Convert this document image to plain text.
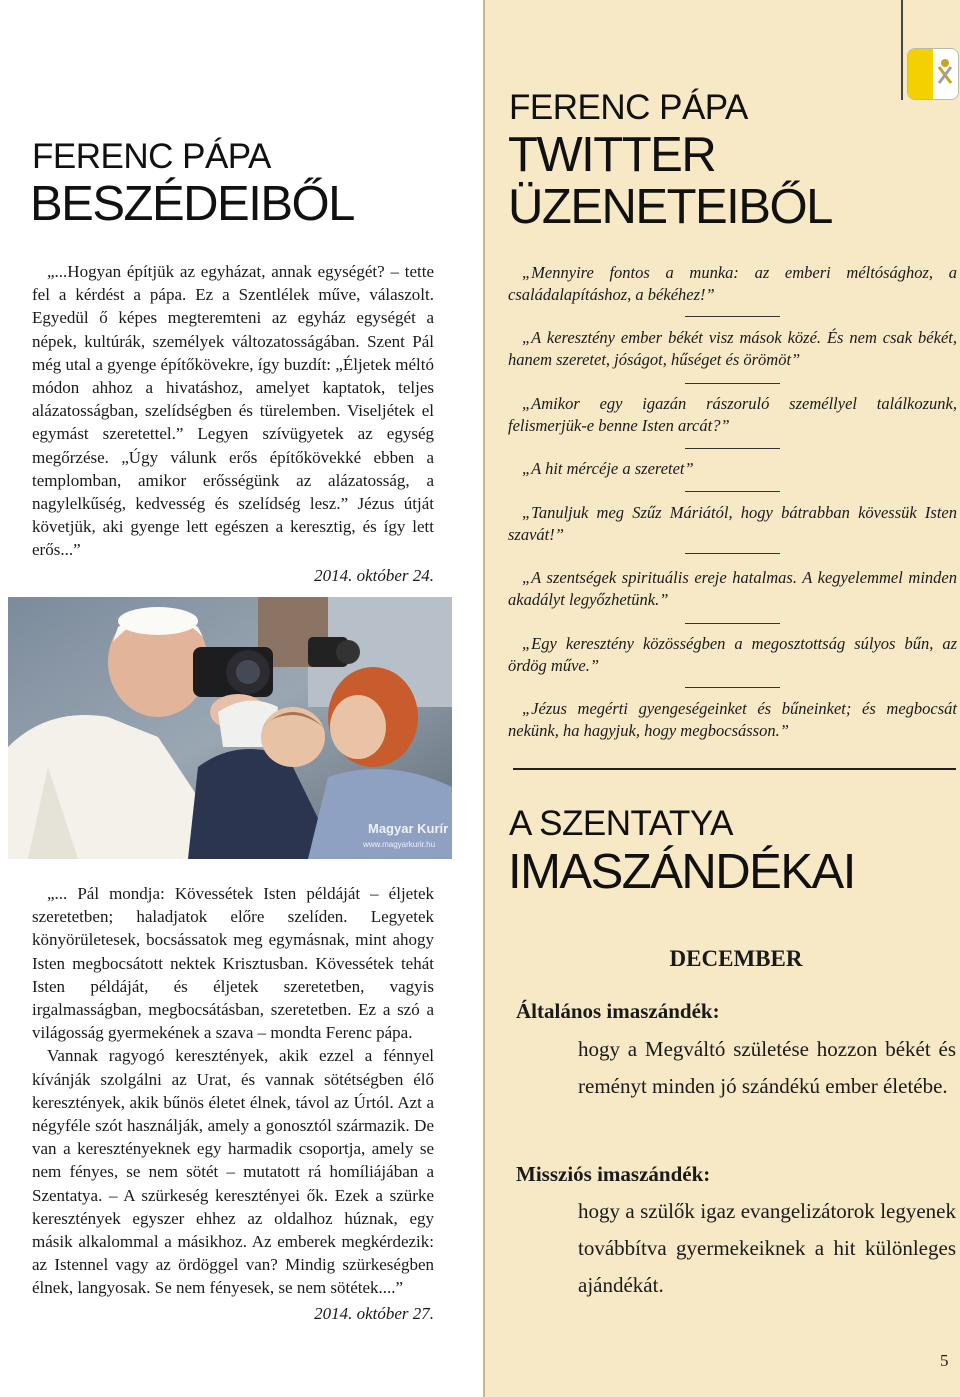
FERENC PÁPA
BESZÉDEIBŐL

„...Hogyan építjük az egyházat, annak egységét? – tette fel a kérdést a pápa. Ez a Szentlélek műve, válaszolt. Egyedül ő képes megteremteni az egyház egységét a népek, kultúrák, személyek változatosságában. Szent Pál még utal a gyenge építőkövekre, így buzdít: „Éljetek méltó módon ahhoz a hivatáshoz, amelyet kaptatok, teljes alázatosságban, szelídségben és türelemben. Viseljétek el egymást szeretettel.” Legyen szívügyetek az egység megőrzése. „Úgy válunk erős építőkövekké ebben a templomban, amikor erősségünk az alázatosság, a nagylelkűség, kedvesség és szelídség lesz.” Jézus útját követjük, aki gyenge lett egészen a keresztig, és így lett erős...”

2014. október 24.
Magyar Kurír
www.magyarkurir.hu

„... Pál mondja: Kövessétek Isten példáját – éljetek szeretetben; haladjatok előre szelíden. Legyetek könyörületesek, bocsássatok meg egymásnak, mint ahogy Isten megbocsátott nektek Krisztusban. Kövessétek tehát Isten példáját, és éljetek szeretetben, vagyis irgalmasságban, megbocsátásban, szeretetben. Ez a szó a világosság gyermekének a szava – mondta Ferenc pápa.

Vannak ragyogó keresztények, akik ezzel a fénnyel kívánják szolgálni az Urat, és vannak sötétségben élő keresztények, akik bűnös életet élnek, távol az Úrtól. Azt a négyféle szót használják, amely a gonosztól származik. De van a keresztényeknek egy harmadik csoportja, amely se nem fényes, se nem sötét – mutatott rá homíliájában a Szentatya. – A szürkeség keresztényei ők. Ezek a szürke keresztények egyszer ehhez az oldalhoz húznak, egy másik alkalommal a másikhoz. Az emberek megkérdezik: az Istennel vagy az ördöggel van? Mindig szürkeségben élnek, langyosak. Se nem fényesek, se nem sötétek....”

2014. október 27.
FERENC PÁPA
TWITTER
ÜZENETEIBŐL
„Mennyire fontos a munka: az emberi méltósághoz, a családalapításhoz, a békéhez!”
„A keresztény ember békét visz mások közé. És nem csak békét, hanem szeretet, jóságot, hűséget és örömöt”
„Amikor egy igazán rászoruló személlyel találkozunk, felismerjük-e benne Isten arcát?”
„A hit mércéje a szeretet”
„Tanuljuk meg Szűz Máriától, hogy bátrabban kövessük Isten szavát!”
„A szentségek spirituális ereje hatalmas. A kegyelemmel minden akadályt legyőzhetünk.”
„Egy keresztény közösségben a megosztottság súlyos bűn, az ördög műve.”
„Jézus megérti gyengeségeinket és bűneinket; és megbocsát nekünk, ha hagyjuk, hogy megbocsásson.”
A SZENTATYA
IMASZÁNDÉKAI
DECEMBER
Általános imaszándék:
hogy a Megváltó születése hozzon békét és reményt minden jó szándékú ember életébe.
Missziós imaszándék:
hogy a szülők igaz evangelizátorok legyenek továbbítva gyermekeiknek a hit különleges ajándékát.
5
